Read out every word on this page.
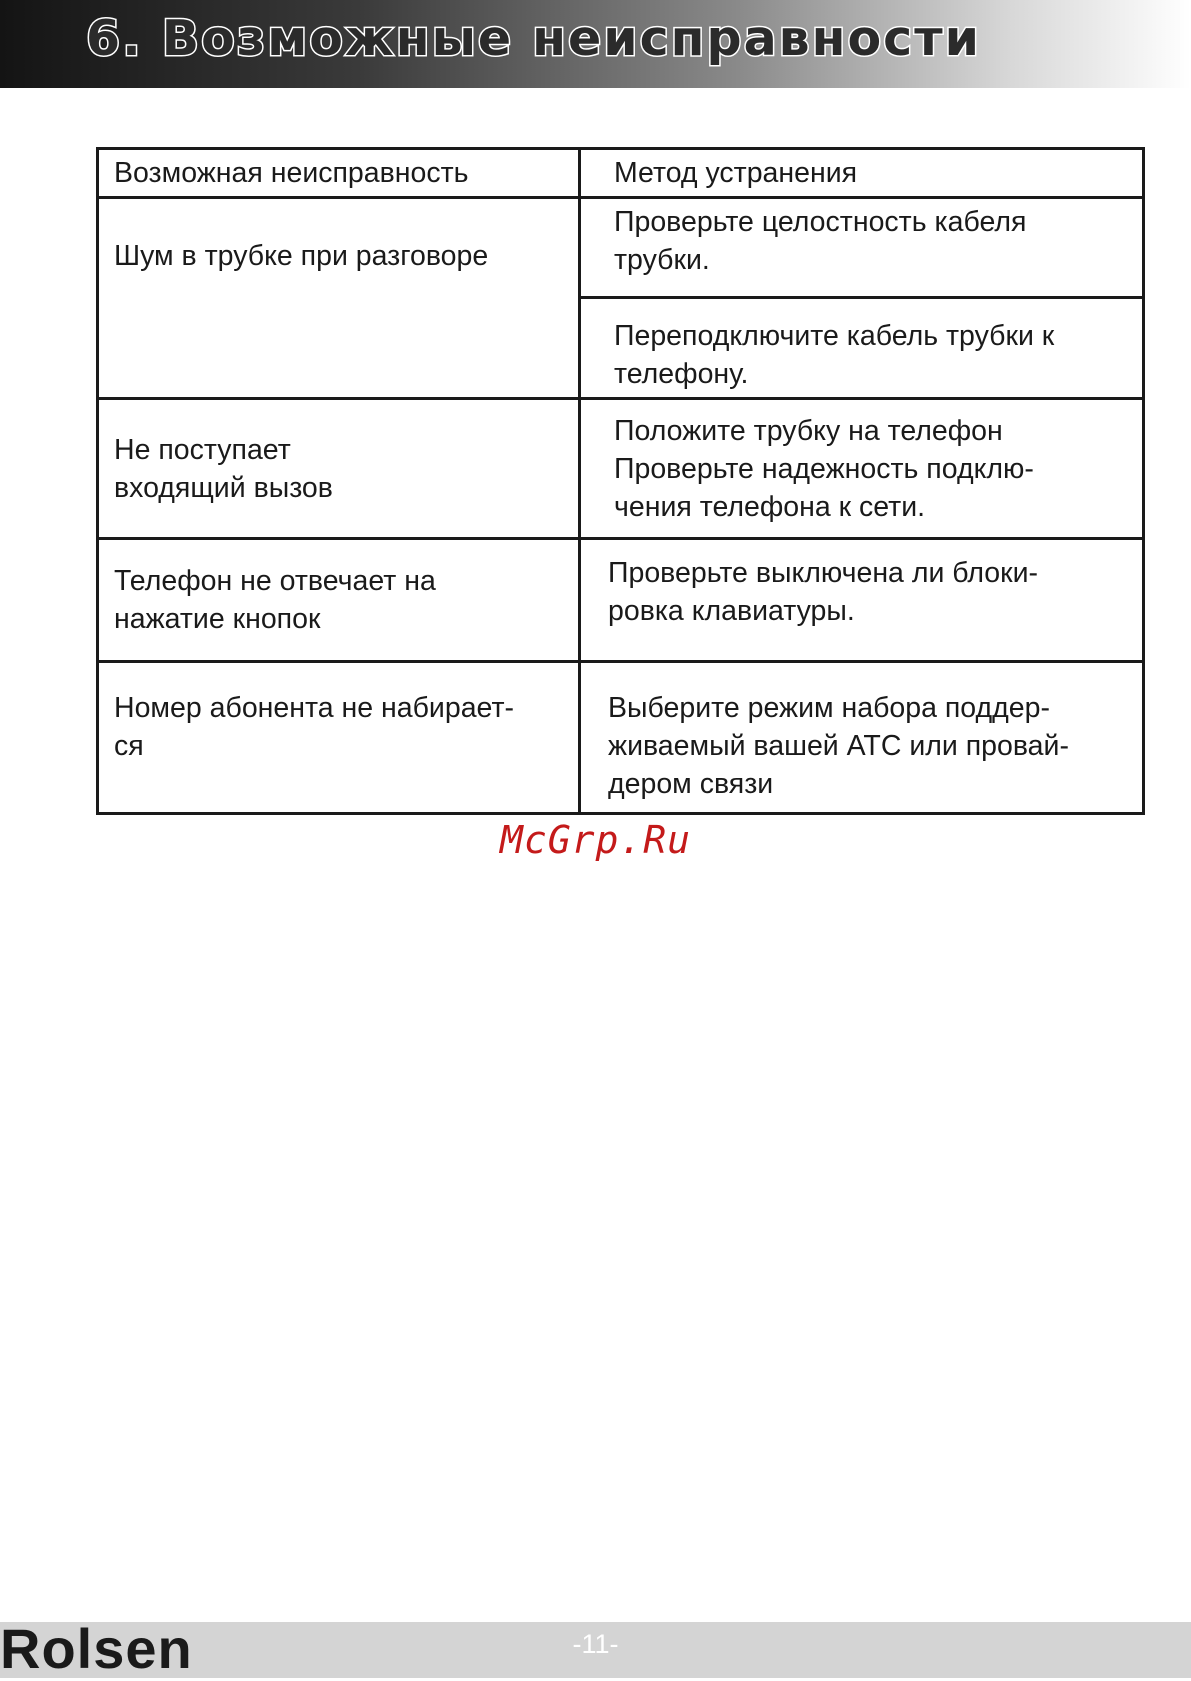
6. Возможные неисправности
Возможная неисправность	Метод устранения

Шум в трубке при разговоре	Проверьте целостность кабеля
трубки.

	Переподключите кабель трубки к
телефону.

Не поступает
входящий вызов	Положите трубку на телефон
Проверьте надежность подклю-
чения телефона к сети.

Телефон не отвечает на
нажатие кнопок	Проверьте выключена ли блоки-
ровка клавиатуры.

Номер абонента не набирает-
ся	Выберите режим набора поддер-
живаемый вашей АТС или провай-
дером связи
McGrp.Ru
Rolsen	-11-
